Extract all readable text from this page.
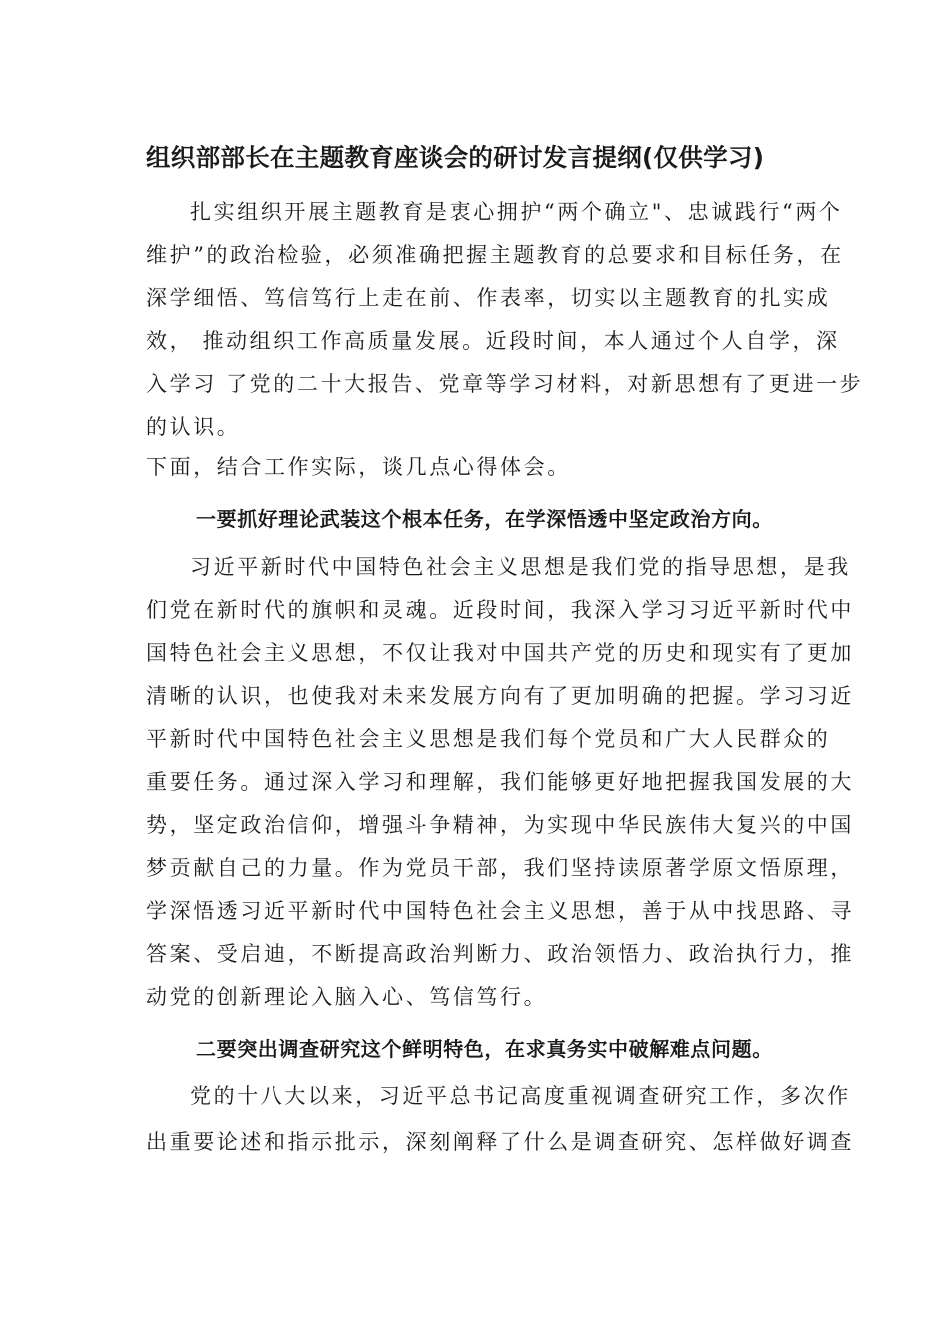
组织部部长在主题教育座谈会的研讨发言提纲(仅供学习)
扎实组织开展主题教育是衷心拥护“两个确立"、忠诚践行“两个
维护”的政治检验，必须准确把握主题教育的总要求和目标任务，在
深学细悟、笃信笃行上走在前、作表率，切实以主题教育的扎实成
效， 推动组织工作高质量发展。近段时间，本人通过个人自学，深
入学习 了党的二十大报告、党章等学习材料，对新思想有了更进一步
的认识。
下面，结合工作实际，谈几点心得体会。
一要抓好理论武装这个根本任务，在学深悟透中坚定政治方向。
习近平新时代中国特色社会主义思想是我们党的指导思想，是我
们党在新时代的旗帜和灵魂。近段时间，我深入学习习近平新时代中
国特色社会主义思想，不仅让我对中国共产党的历史和现实有了更加
清晰的认识，也使我对未来发展方向有了更加明确的把握。学习习近
平新时代中国特色社会主义思想是我们每个党员和广大人民群众的
重要任务。通过深入学习和理解，我们能够更好地把握我国发展的大
势，坚定政治信仰，增强斗争精神，为实现中华民族伟大复兴的中国
梦贡献自己的力量。作为党员干部，我们坚持读原著学原文悟原理，
学深悟透习近平新时代中国特色社会主义思想，善于从中找思路、寻
答案、受启迪，不断提高政治判断力、政治领悟力、政治执行力，推
动党的创新理论入脑入心、笃信笃行。
二要突出调查研究这个鲜明特色，在求真务实中破解难点问题。
党的十八大以来，习近平总书记高度重视调查研究工作，多次作
出重要论述和指示批示，深刻阐释了什么是调查研究、怎样做好调查
